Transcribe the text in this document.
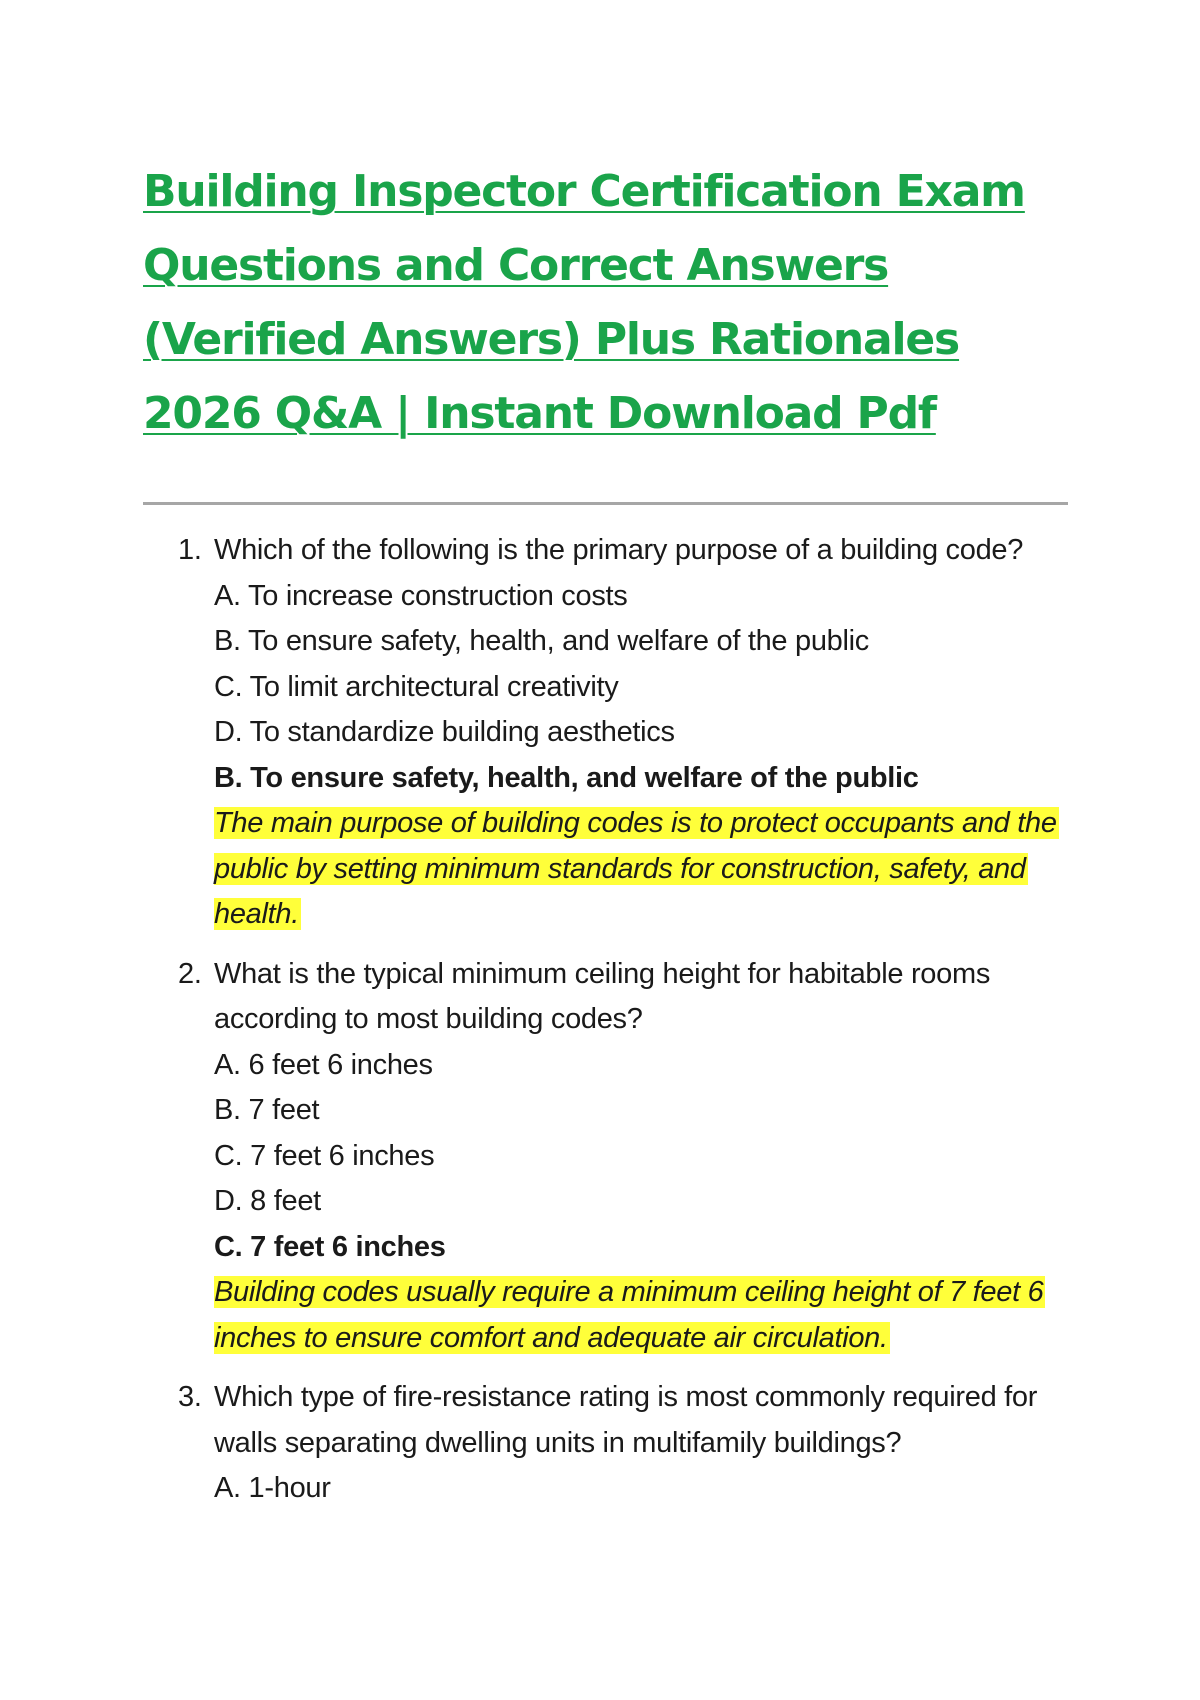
Building Inspector Certification Exam Questions and Correct Answers (Verified Answers) Plus Rationales 2026 Q&A | Instant Download Pdf
1. Which of the following is the primary purpose of a building code?
A. To increase construction costs
B. To ensure safety, health, and welfare of the public
C. To limit architectural creativity
D. To standardize building aesthetics
B. To ensure safety, health, and welfare of the public
The main purpose of building codes is to protect occupants and the public by setting minimum standards for construction, safety, and health.
2. What is the typical minimum ceiling height for habitable rooms according to most building codes?
A. 6 feet 6 inches
B. 7 feet
C. 7 feet 6 inches
D. 8 feet
C. 7 feet 6 inches
Building codes usually require a minimum ceiling height of 7 feet 6 inches to ensure comfort and adequate air circulation.
3. Which type of fire-resistance rating is most commonly required for walls separating dwelling units in multifamily buildings?
A. 1-hour
